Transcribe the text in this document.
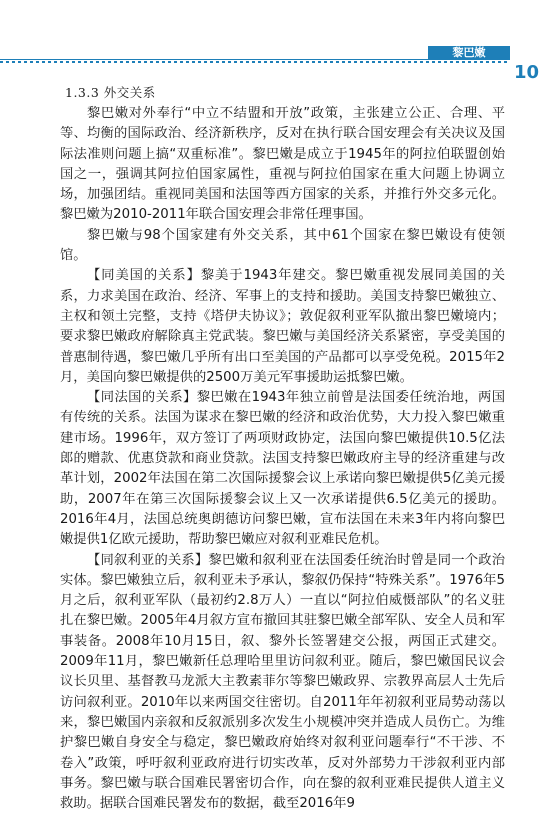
黎巴嫩
10
1.3.3 外交关系

黎巴嫩对外奉行“中立不结盟和开放”政策，主张建立公正、合理、平等、均衡的国际政治、经济新秩序，反对在执行联合国安理会有关决议及国际法准则问题上搞“双重标准”。黎巴嫩是成立于1945年的阿拉伯联盟创始国之一，强调其阿拉伯国家属性，重视与阿拉伯国家在重大问题上协调立场，加强团结。重视同美国和法国等西方国家的关系，并推行外交多元化。黎巴嫩为2010-2011年联合国安理会非常任理事国。

黎巴嫩与98个国家建有外交关系，其中61个国家在黎巴嫩设有使领馆。

【同美国的关系】黎美于1943年建交。黎巴嫩重视发展同美国的关系，力求美国在政治、经济、军事上的支持和援助。美国支持黎巴嫩独立、主权和领土完整，支持《塔伊夫协议》；敦促叙利亚军队撤出黎巴嫩境内；要求黎巴嫩政府解除真主党武装。黎巴嫩与美国经济关系紧密，享受美国的普惠制待遇，黎巴嫩几乎所有出口至美国的产品都可以享受免税。2015年2月，美国向黎巴嫩提供的2500万美元军事援助运抵黎巴嫩。

【同法国的关系】黎巴嫩在1943年独立前曾是法国委任统治地，两国有传统的关系。法国为谋求在黎巴嫩的经济和政治优势，大力投入黎巴嫩重建市场。1996年，双方签订了两项财政协定，法国向黎巴嫩提供10.5亿法郎的赠款、优惠贷款和商业贷款。法国支持黎巴嫩政府主导的经济重建与改革计划，2002年法国在第二次国际援黎会议上承诺向黎巴嫩提供5亿美元援助，2007年在第三次国际援黎会议上又一次承诺提供6.5亿美元的援助。2016年4月，法国总统奥朗德访问黎巴嫩，宣布法国在未来3年内将向黎巴嫩提供1亿欧元援助，帮助黎巴嫩应对叙利亚难民危机。

【同叙利亚的关系】黎巴嫩和叙利亚在法国委任统治时曾是同一个政治实体。黎巴嫩独立后，叙利亚未予承认，黎叙仍保持“特殊关系”。1976年5月之后，叙利亚军队（最初约2.8万人）一直以“阿拉伯威慑部队”的名义驻扎在黎巴嫩。2005年4月叙方宣布撤回其驻黎巴嫩全部军队、安全人员和军事装备。2008年10月15日，叙、黎外长签署建交公报，两国正式建交。2009年11月，黎巴嫩新任总理哈里里访问叙利亚。随后，黎巴嫩国民议会议长贝里、基督教马龙派大主教素菲尔等黎巴嫩政界、宗教界高层人士先后访问叙利亚。2010年以来两国交往密切。自2011年年初叙利亚局势动荡以来，黎巴嫩国内亲叙和反叙派别多次发生小规模冲突并造成人员伤亡。为维护黎巴嫩自身安全与稳定，黎巴嫩政府始终对叙利亚问题奉行“不干涉、不卷入”政策，呼吁叙利亚政府进行切实改革，反对外部势力干涉叙利亚内部事务。黎巴嫩与联合国难民署密切合作，向在黎的叙利亚难民提供人道主义救助。据联合国难民署发布的数据，截至2016年9
